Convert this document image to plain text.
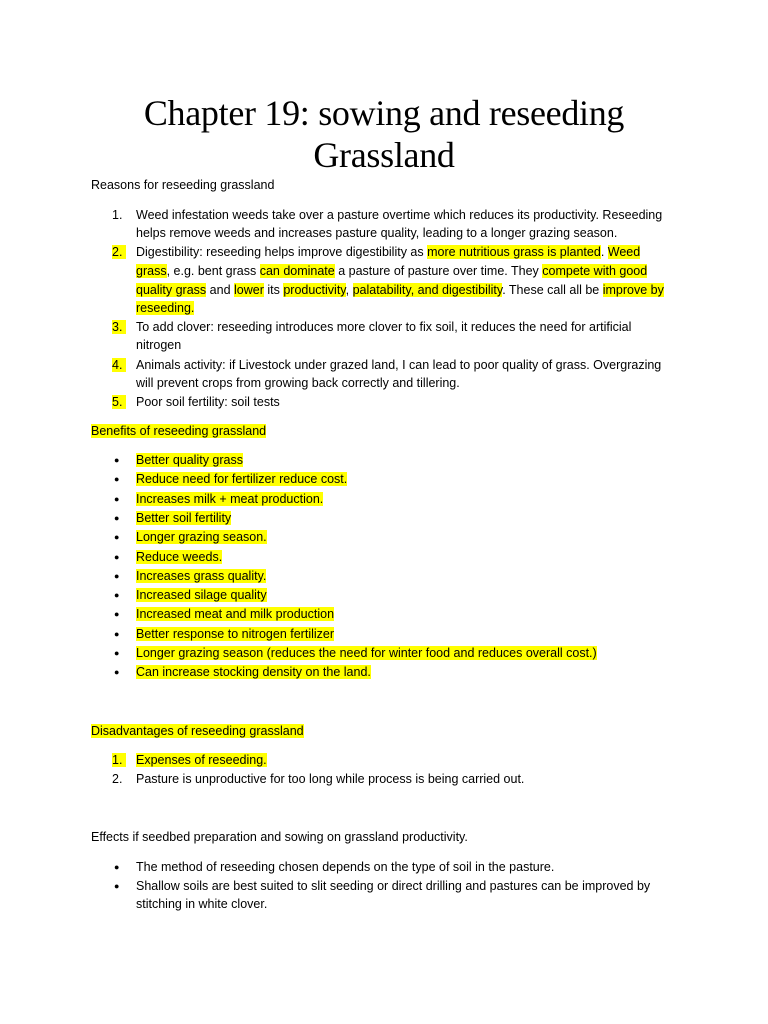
Chapter 19: sowing and reseeding
Grassland
Reasons for reseeding grassland
1. Weed infestation weeds take over a pasture overtime which reduces its productivity. Reseeding
helps remove weeds and increases pasture quality, leading to a longer grazing season.
2.	Digestibility: reseeding helps improve digestibility as more nutritious grass is planted. Weed
grass, e.g. bent grass can dominate a pasture of pasture over time. They compete with good
quality grass and lower its productivity, palatability, and digestibility. These call all be improve by
reseeding.
3.	To add clover: reseeding introduces more clover to fix soil, it reduces the need for artificial
nitrogen
4.	Animals activity: if Livestock under grazed land, I can lead to poor quality of grass. Overgrazing
will prevent crops from growing back correctly and tillering.
5.	Poor soil fertility: soil tests
Benefits of reseeding grassland
● Better quality grass
● Reduce need for fertilizer reduce cost.
● Increases milk + meat production.
● Better soil fertility
● Longer grazing season.
● Reduce weeds.
● Increases grass quality.
● Increased silage quality
● Increased meat and milk production
● Better response to nitrogen fertilizer
● Longer grazing season (reduces the need for winter food and reduces overall cost.)
● Can increase stocking density on the land.
Disadvantages of reseeding grassland
1.	Expenses of reseeding.
2. Pasture is unproductive for too long while process is being carried out.
Effects if seedbed preparation and sowing on grassland productivity.
● The method of reseeding chosen depends on the type of soil in the pasture.
● Shallow soils are best suited to slit seeding or direct drilling and pastures can be improved by
stitching in white clover.
